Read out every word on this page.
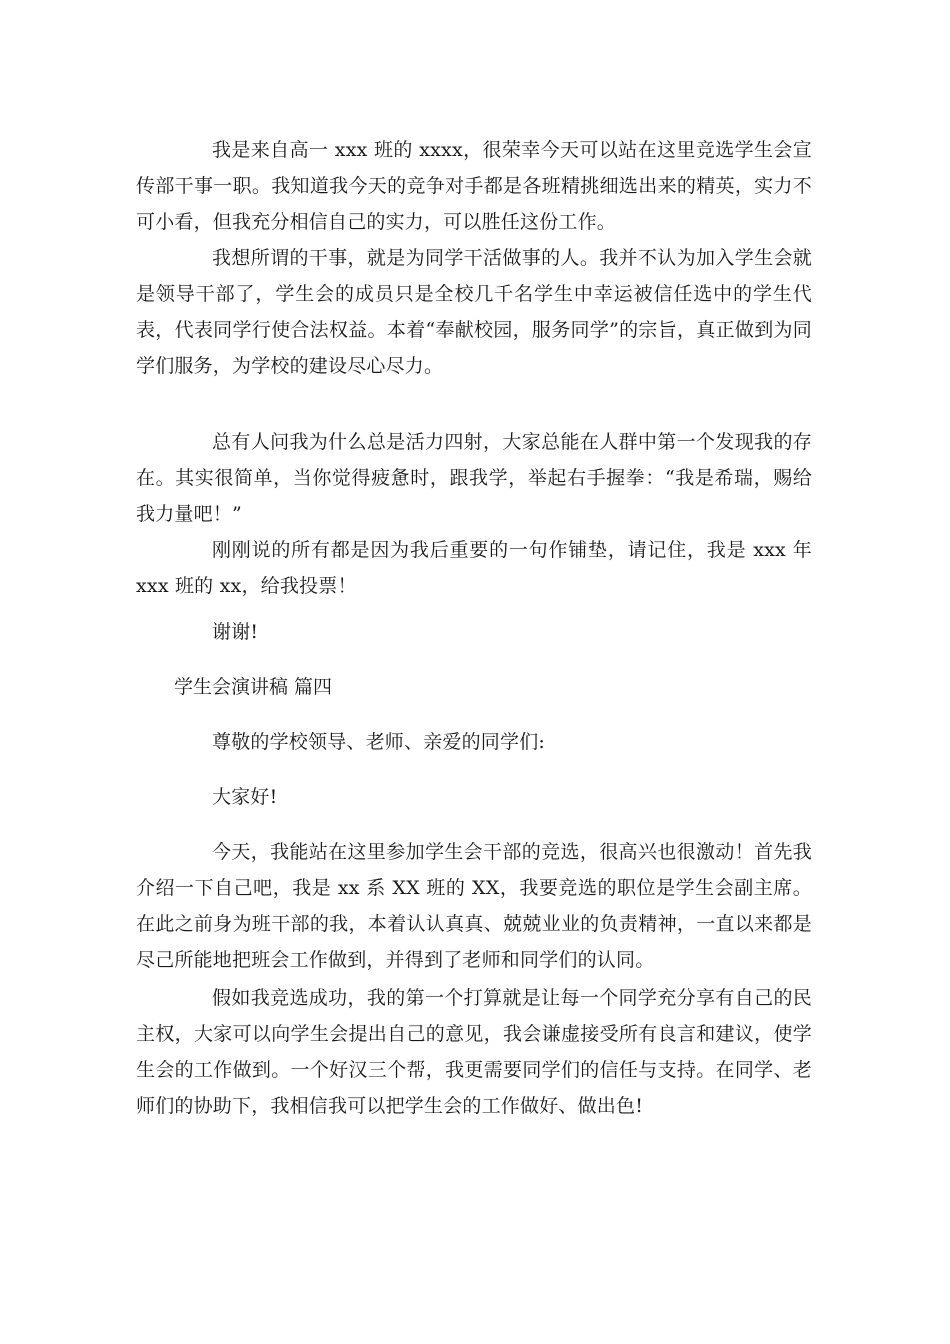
我是来自高一 xxx 班的 xxxx，很荣幸今天可以站在这里竞选学生会宣传部干事一职。我知道我今天的竞争对手都是各班精挑细选出来的精英，实力不可小看，但我充分相信自己的实力，可以胜任这份工作。

我想所谓的干事，就是为同学干活做事的人。我并不认为加入学生会就是领导干部了，学生会的成员只是全校几千名学生中幸运被信任选中的学生代表，代表同学行使合法权益。本着“奉献校园，服务同学”的宗旨，真正做到为同学们服务，为学校的建设尽心尽力。

总有人问我为什么总是活力四射，大家总能在人群中第一个发现我的存在。其实很简单，当你觉得疲惫时，跟我学，举起右手握拳：“我是希瑞，赐给我力量吧！”

刚刚说的所有都是因为我后重要的一句作铺垫，请记住，我是 xxx 年 xxx 班的 xx，给我投票！

谢谢!

学生会演讲稿 篇四

尊敬的学校领导、老师、亲爱的同学们:

大家好!

今天，我能站在这里参加学生会干部的竞选，很高兴也很激动！首先我介绍一下自己吧，我是 xx 系 XX 班的 XX，我要竞选的职位是学生会副主席。在此之前身为班干部的我，本着认认真真、兢兢业业的负责精神，一直以来都是尽己所能地把班会工作做到，并得到了老师和同学们的认同。

假如我竞选成功，我的第一个打算就是让每一个同学充分享有自己的民主权，大家可以向学生会提出自己的意见，我会谦虚接受所有良言和建议，使学生会的工作做到。一个好汉三个帮，我更需要同学们的信任与支持。在同学、老师们的协助下，我相信我可以把学生会的工作做好、做出色!
